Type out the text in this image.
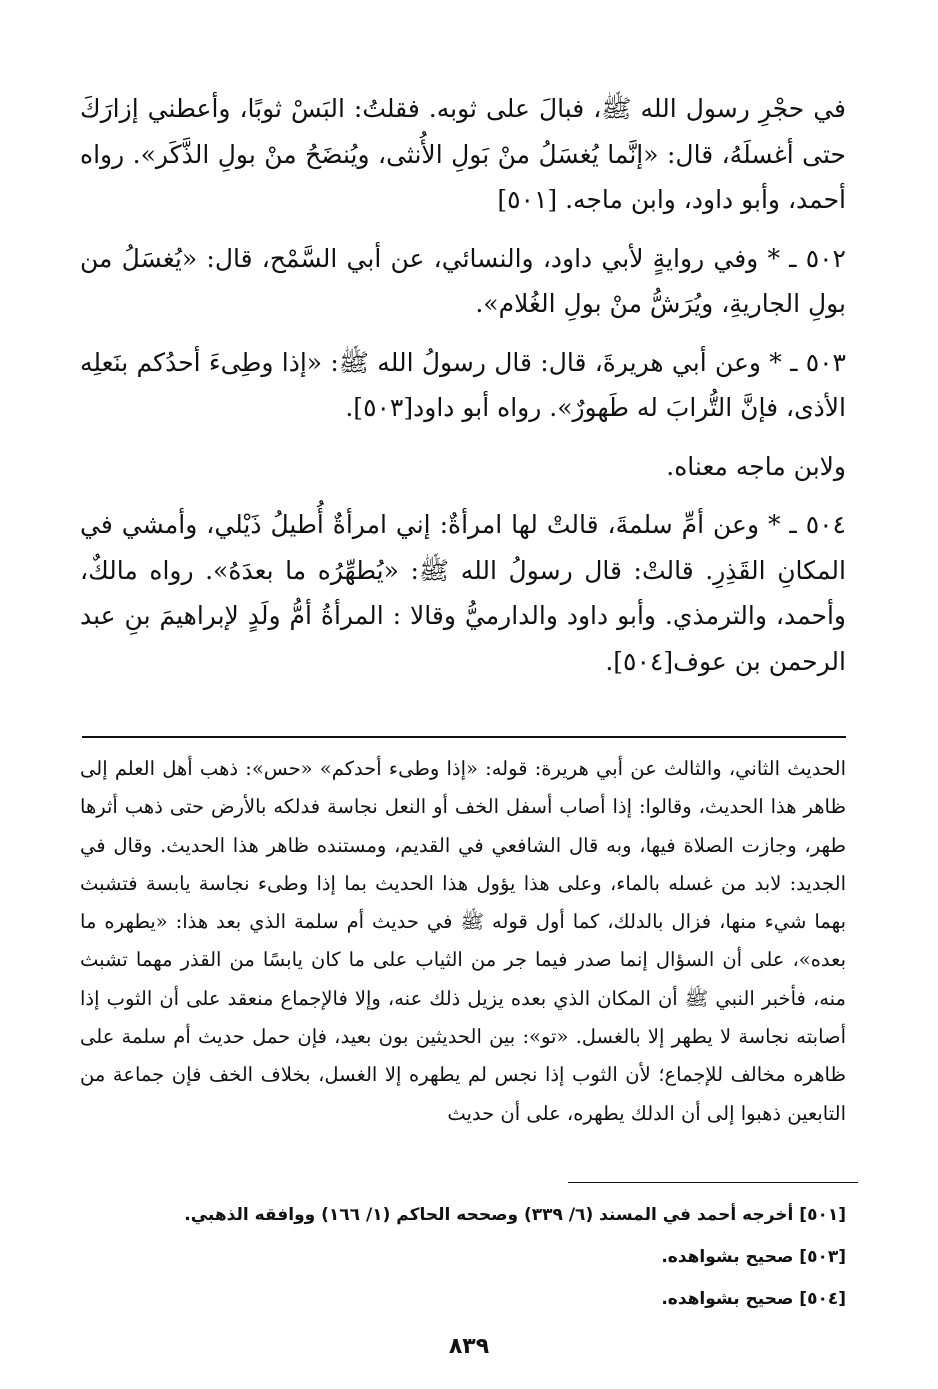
في حجْرِ رسول الله ﷺ، فبالَ على ثوبه. فقلتُ: البَسْ ثوبًا، وأعطني إزارَكَ حتى أغسلَهُ، قال: «إنَّما يُغسَلُ منْ بَولِ الأُنثى، ويُنضَحُ منْ بولِ الذَّكَر». رواه أحمد، وأبو داود، وابن ماجه. [٥٠١]

٥٠٢ ـ * وفي روايةٍ لأبي داود، والنسائي، عن أبي السَّمْح، قال: «يُغسَلُ من بولِ الجاريةِ، ويُرَشُّ منْ بولِ الغُلام».

٥٠٣ ـ * وعن أبي هريرةَ، قال: قال رسولُ الله ﷺ: «إذا وطِىءَ أحدُكم بنَعلِه الأذى، فإنَّ التُّرابَ له طَهورٌ». رواه أبو داود[٥٠٣].

ولابن ماجه معناه.

٥٠٤ ـ * وعن أمِّ سلمةَ، قالتْ لها امرأةٌ: إني امرأةٌ أُطيلُ ذَيْلي، وأمشي في المكانِ القَذِرِ. قالتْ: قال رسولُ الله ﷺ: «يُطهِّرُه ما بعدَهُ». رواه مالكٌ، وأحمد، والترمذي. وأبو داود والدارميُّ وقالا : المرأةُ أمُّ ولَدٍ لإبراهيمَ بنِ عبد الرحمن بن عوف[٥٠٤].

الحديث الثاني، والثالث عن أبي هريرة: قوله: «إذا وطىء أحدكم» «حس»: ذهب أهل العلم إلى ظاهر هذا الحديث، وقالوا: إذا أصاب أسفل الخف أو النعل نجاسة فدلكه بالأرض حتى ذهب أثرها طهر، وجازت الصلاة فيها، وبه قال الشافعي في القديم، ومستنده ظاهر هذا الحديث. وقال في الجديد: لابد من غسله بالماء، وعلى هذا يؤول هذا الحديث بما إذا وطىء نجاسة يابسة فتشبث بهما شيء منها، فزال بالدلك، كما أول قوله ﷺ في حديث أم سلمة الذي بعد هذا: «يطهره ما بعده»، على أن السؤال إنما صدر فيما جر من الثياب على ما كان يابسًا من القذر مهما تشبث منه، فأخبر النبي ﷺ أن المكان الذي بعده يزيل ذلك عنه، وإلا فالإجماع منعقد على أن الثوب إذا أصابته نجاسة لا يطهر إلا بالغسل. «تو»: بين الحديثين بون بعيد، فإن حمل حديث أم سلمة على ظاهره مخالف للإجماع؛ لأن الثوب إذا نجس لم يطهره إلا الغسل، بخلاف الخف فإن جماعة من التابعين ذهبوا إلى أن الدلك يطهره، على أن حديث

[٥٠١] أخرجه أحمد في المسند (٦/ ٣٣٩) وصححه الحاكم (١/ ١٦٦) ووافقه الذهبي.
[٥٠٣] صحيح بشواهده.
[٥٠٤] صحيح بشواهده.
٨٣٩
